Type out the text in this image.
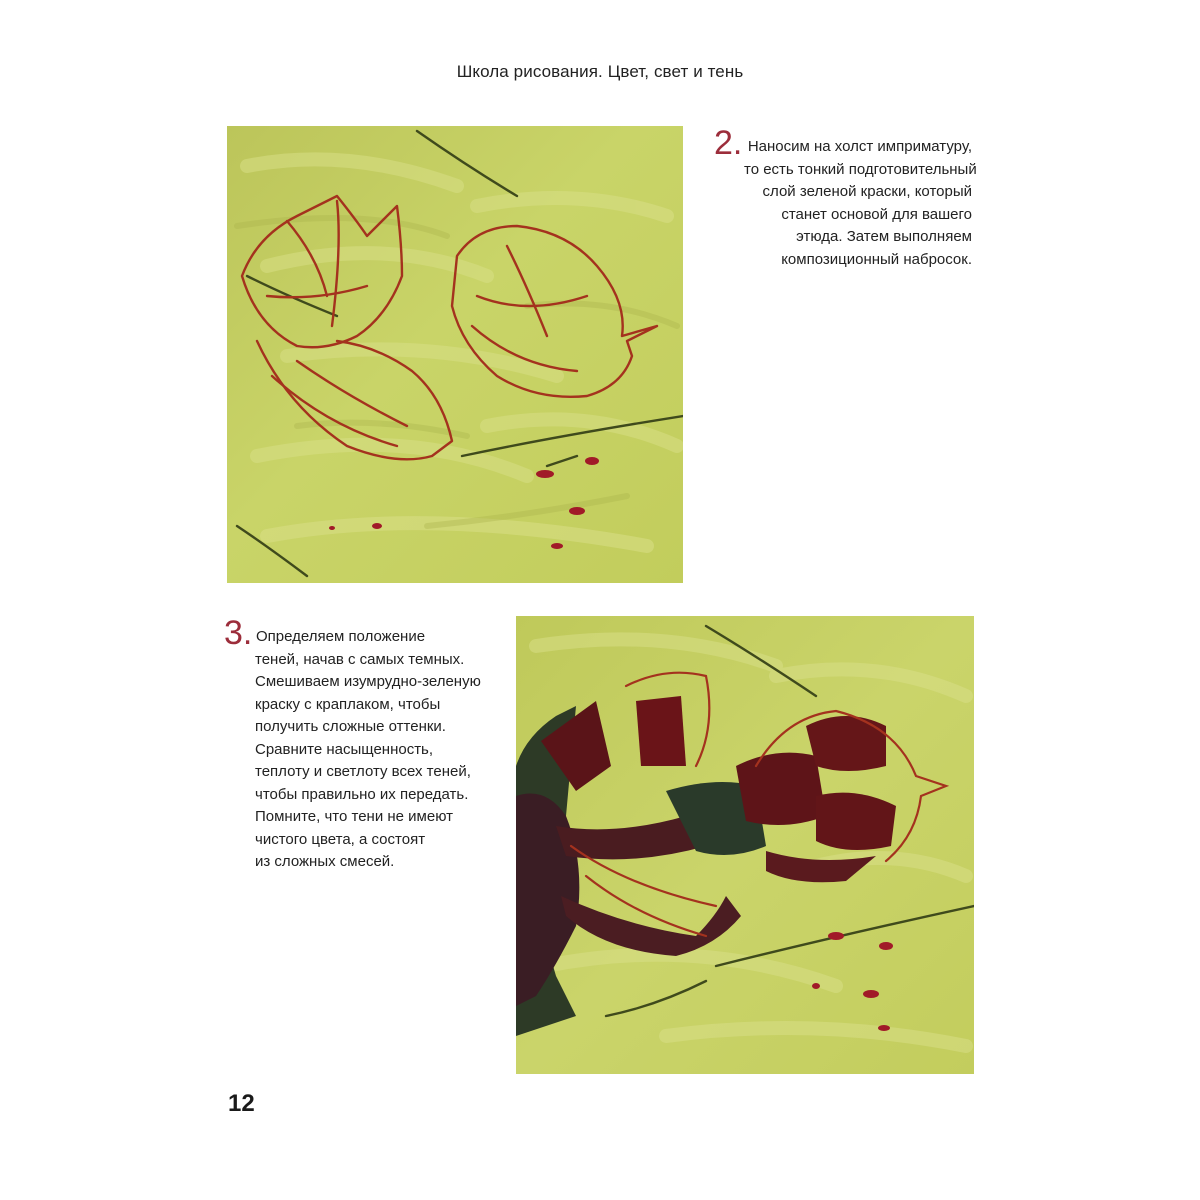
Школа рисования. Цвет, свет и тень
2. Наносим на холст имприматуру,
то есть тонкий подготовительный
слой зеленой краски, который
станет основой для вашего
этюда. Затем выполняем
композиционный набросок.
3. Определяем положение
теней, начав с самых темных.
Смешиваем изумрудно-зеленую
краску с краплаком, чтобы
получить сложные оттенки.
Сравните насыщенность,
теплоту и светлоту всех теней,
чтобы правильно их передать.
Помните, что тени не имеют
чистого цвета, а состоят
из сложных смесей.
12
